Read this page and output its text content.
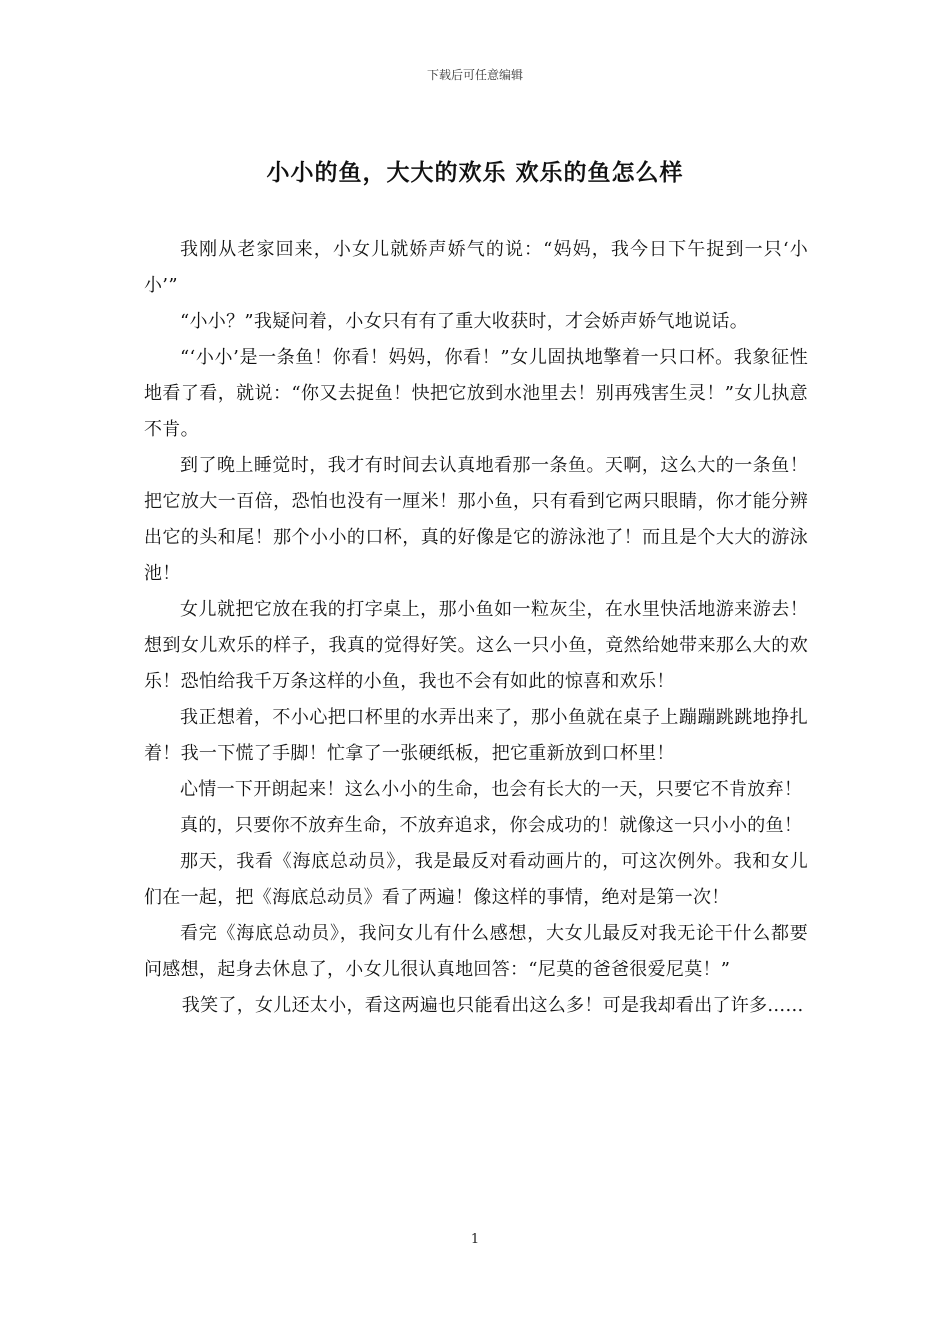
下载后可任意编辑
小小的鱼，大大的欢乐 欢乐的鱼怎么样

我刚从老家回来，小女儿就娇声娇气的说：“妈妈，我今日下午捉到一只‘小小’”

“小小？”我疑问着，小女只有有了重大收获时，才会娇声娇气地说话。

“‘小小’是一条鱼！你看！妈妈，你看！”女儿固执地擎着一只口杯。我象征性地看了看，就说：“你又去捉鱼！快把它放到水池里去！别再残害生灵！”女儿执意不肯。

到了晚上睡觉时，我才有时间去认真地看那一条鱼。天啊，这么大的一条鱼！把它放大一百倍，恐怕也没有一厘米！那小鱼，只有看到它两只眼睛，你才能分辨出它的头和尾！那个小小的口杯，真的好像是它的游泳池了！而且是个大大的游泳池！

女儿就把它放在我的打字桌上，那小鱼如一粒灰尘，在水里快活地游来游去！想到女儿欢乐的样子，我真的觉得好笑。这么一只小鱼，竟然给她带来那么大的欢乐！恐怕给我千万条这样的小鱼，我也不会有如此的惊喜和欢乐！

我正想着，不小心把口杯里的水弄出来了，那小鱼就在桌子上蹦蹦跳跳地挣扎着！我一下慌了手脚！忙拿了一张硬纸板，把它重新放到口杯里！

心情一下开朗起来！这么小小的生命，也会有长大的一天，只要它不肯放弃！

真的，只要你不放弃生命，不放弃追求，你会成功的！就像这一只小小的鱼！

那天，我看《海底总动员》，我是最反对看动画片的，可这次例外。我和女儿们在一起，把《海底总动员》看了两遍！像这样的事情，绝对是第一次！

看完《海底总动员》，我问女儿有什么感想，大女儿最反对我无论干什么都要问感想，起身去休息了，小女儿很认真地回答：“尼莫的爸爸很爱尼莫！”

我笑了，女儿还太小，看这两遍也只能看出这么多！可是我却看出了许多......

1
